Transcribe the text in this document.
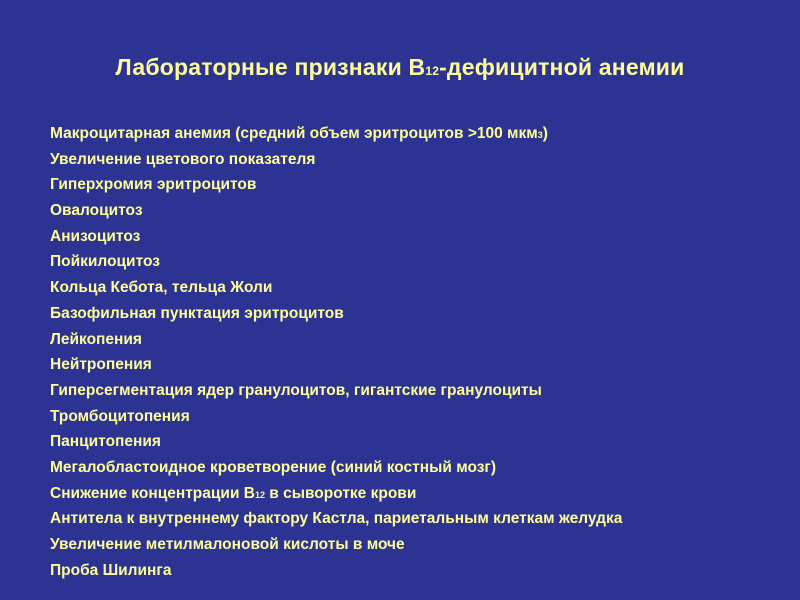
Лабораторные признаки В12-дефицитной анемии
Макроцитарная анемия (средний объем эритроцитов >100 мкм3)
Увеличение цветового показателя
Гиперхромия эритроцитов
Овалоцитоз
Анизоцитоз
Пойкилоцитоз
Кольца Кебота, тельца Жоли
Базофильная пунктация эритроцитов
Лейкопения
Нейтропения
Гиперсегментация ядер гранулоцитов, гигантские гранулоциты
Тромбоцитопения
Панцитопения
Мегалобластоидное кроветворение (синий костный мозг)
Снижение концентрации В12 в сыворотке крови
Антитела к внутреннему фактору Кастла, париетальным клеткам желудка
Увеличение метилмалоновой кислоты в моче
Проба Шилинга
